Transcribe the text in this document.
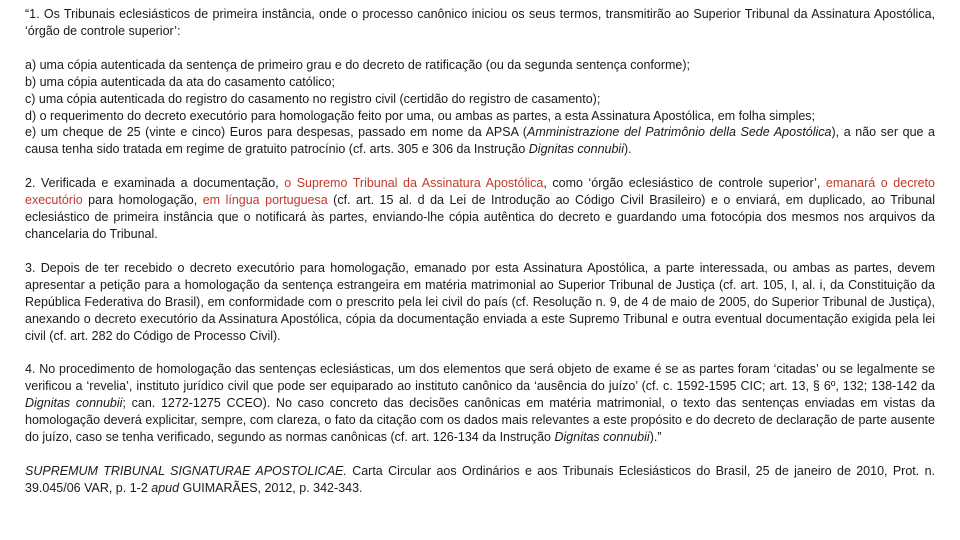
“1. Os Tribunais eclesiásticos de primeira instância, onde o processo canônico iniciou os seus termos, transmitirão ao Superior Tribunal da Assinatura Apostólica, ‘órgão de controle superior’:

a) uma cópia autenticada da sentença de primeiro grau e do decreto de ratificação (ou da segunda sentença conforme);

b) uma cópia autenticada da ata do casamento católico;

c) uma cópia autenticada do registro do casamento no registro civil (certidão do registro de casamento);

d) o requerimento do decreto executório para homologação feito por uma, ou ambas as partes, a esta Assinatura Apostólica, em folha simples;

e) um cheque de 25 (vinte e cinco) Euros para despesas, passado em nome da APSA (Amministrazione del Patrimônio della Sede Apostólica), a não ser que a causa tenha sido tratada em regime de gratuito patrocínio (cf. arts. 305 e 306 da Instrução Dignitas connubii).

2. Verificada e examinada a documentação, o Supremo Tribunal da Assinatura Apostólica, como ‘órgão eclesiástico de controle superior’, emanará o decreto executório para homologação, em língua portuguesa (cf. art. 15 al. d da Lei de Introdução ao Código Civil Brasileiro) e o enviará, em duplicado, ao Tribunal eclesiástico de primeira instância que o notificará às partes, enviando-lhe cópia autêntica do decreto e guardando uma fotocópia dos mesmos nos arquivos da chancelaria do Tribunal.

3. Depois de ter recebido o decreto executório para homologação, emanado por esta Assinatura Apostólica, a parte interessada, ou ambas as partes, devem apresentar a petição para a homologação da sentença estrangeira em matéria matrimonial ao Superior Tribunal de Justiça (cf. art. 105, I, al. i, da Constituição da República Federativa do Brasil), em conformidade com o prescrito pela lei civil do país (cf. Resolução n. 9, de 4 de maio de 2005, do Superior Tribunal de Justiça), anexando o decreto executório da Assinatura Apostólica, cópia da documentação enviada a este Supremo Tribunal e outra eventual documentação exigida pela lei civil (cf. art. 282 do Código de Processo Civil).

4. No procedimento de homologação das sentenças eclesiásticas, um dos elementos que será objeto de exame é se as partes foram ‘citadas’ ou se legalmente se verificou a ‘revelia’, instituto jurídico civil que pode ser equiparado ao instituto canônico da ‘ausência do juízo’ (cf. c. 1592-1595 CIC; art. 13, § 6º, 132; 138-142 da Dignitas connubii; can. 1272-1275 CCEO). No caso concreto das decisões canônicas em matéria matrimonial, o texto das sentenças enviadas em vistas da homologação deverá explicitar, sempre, com clareza, o fato da citação com os dados mais relevantes a este propósito e do decreto de declaração de parte ausente do juízo, caso se tenha verificado, segundo as normas canônicas (cf. art. 126-134 da Instrução Dignitas connubii).”

SUPREMUM TRIBUNAL SIGNATURAE APOSTOLICAE. Carta Circular aos Ordinários e aos Tribunais Eclesiásticos do Brasil, 25 de janeiro de 2010, Prot. n. 39.045/06 VAR, p. 1-2 apud GUIMARÃES, 2012, p. 342-343.
